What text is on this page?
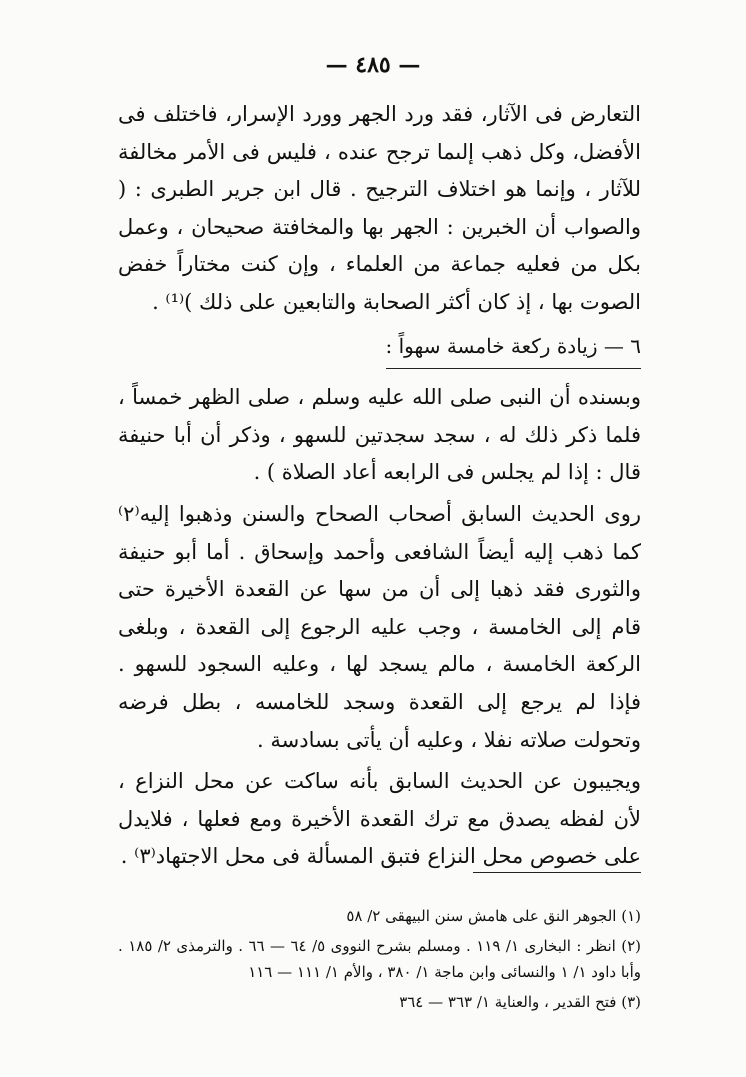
— ٤٨٥ —
التعارض فى الآثار، فقد ورد الجهر وورد الإسرار، فاختلف فى الأفضل، وكل ذهب إلىما ترجح عنده ، فليس فى الأمر مخالفة للآثار ، وإنما هو اختلاف الترجيح . قال ابن جرير الطبرى : ( والصواب أن الخبرين : الجهر بها والمخافتة صحيحان ، وعمل بكل من فعليه جماعة من العلماء ، وإن كنت مختاراً خفض الصوت بها ، إذ كان أكثر الصحابة والتابعين على ذلك )⁽¹⁾ .
٦ — زيادة ركعة خامسة سهواً :
وبسنده أن النبى صلى الله عليه وسلم ، صلى الظهر خمساً ، فلما ذكر ذلك له ، سجد سجدتين للسهو ، وذكر أن أبا حنيفة قال : إذا لم يجلس فى الرابعه أعاد الصلاة ) .
روى الحديث السابق أصحاب الصحاح والسنن وذهبوا إليه⁽٢⁾ كما ذهب إليه أيضاً الشافعى وأحمد وإسحاق . أما أبو حنيفة والثورى فقد ذهبا إلى أن من سها عن القعدة الأخيرة حتى قام إلى الخامسة ، وجب عليه الرجوع إلى القعدة ، وبلغى الركعة الخامسة ، مالم يسجد لها ، وعليه السجود للسهو . فإذا لم يرجع إلى القعدة وسجد للخامسه ، بطل فرضه وتحولت صلاته نفلا ، وعليه أن يأتى بسادسة .
ويجيبون عن الحديث السابق بأنه ساكت عن محل النزاع ، لأن لفظه يصدق مع ترك القعدة الأخيرة ومع فعلها ، فلايدل على خصوص محل النزاع فتبق المسألة فى محل الاجتهاد⁽٣⁾ .
(١) الجوهر النق على هامش سنن البيهقى ٢/ ٥٨
(٢) انظر : البخارى ١/ ١١٩ . ومسلم بشرح النووى ٥/ ٦٤ — ٦٦ . والترمذى ٢/ ١٨٥ . وأبا داود ١/ ١ والنسائى وابن ماجة ١/ ٣٨٠ ، والأم ١/ ١١١ — ١١٦
(٣) فتح القدير ، والعناية ١/ ٣٦٣ — ٣٦٤
